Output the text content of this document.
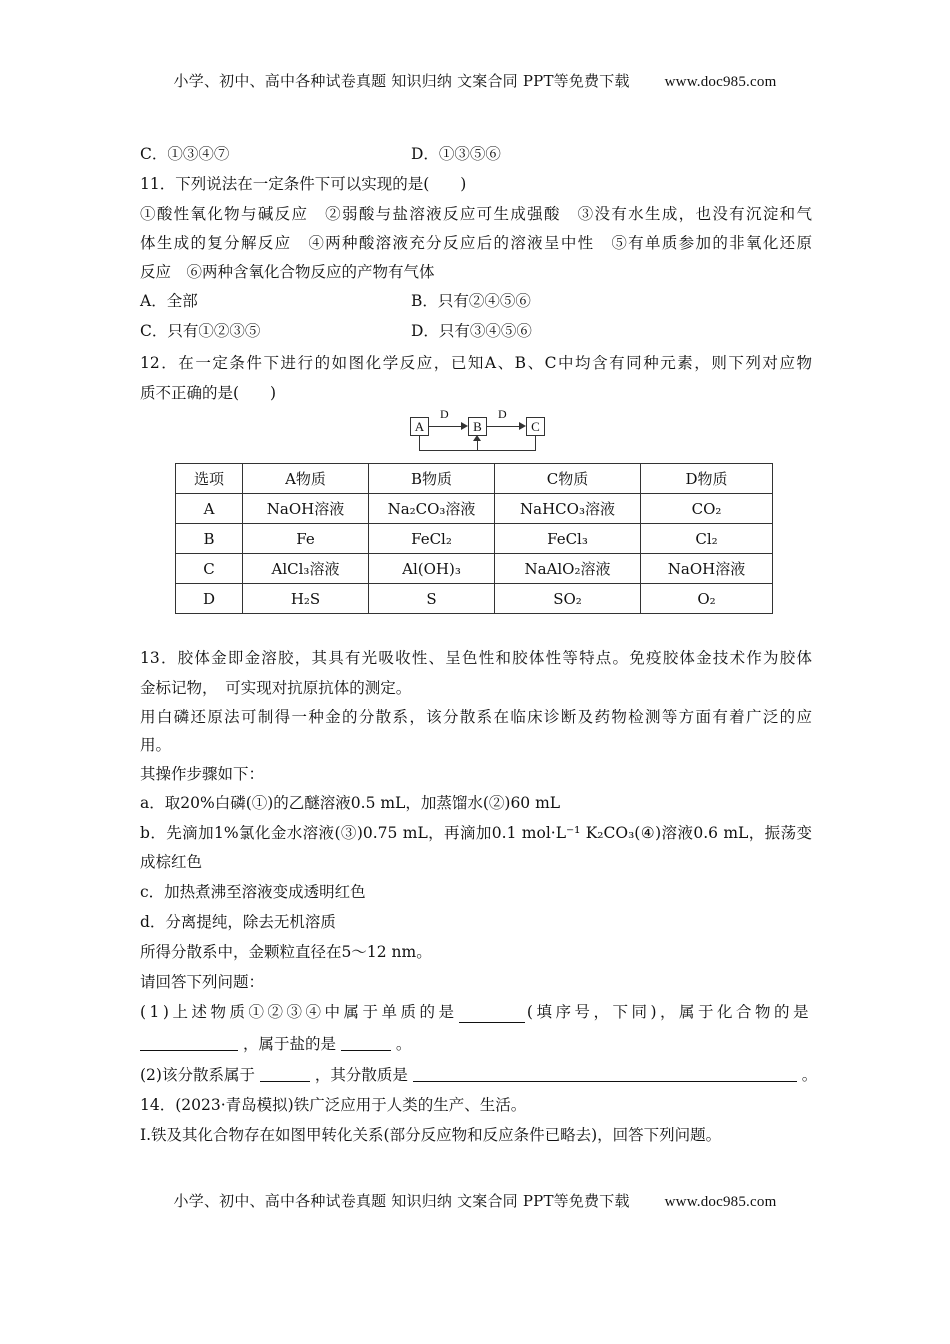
小学、初中、高中各种试卷真题 知识归纳 文案合同 PPT等免费下载 www.doc985.com
C．①③④⑦	D．①③⑤⑥
11．下列说法在一定条件下可以实现的是(　　)
①酸性氧化物与碱反应　②弱酸与盐溶液反应可生成强酸　③没有水生成，也没有沉淀和气
体生成的复分解反应　④两种酸溶液充分反应后的溶液呈中性　⑤有单质参加的非氧化还原
反应　⑥两种含氧化合物反应的产物有气体
A．全部	B．只有②④⑤⑥
C．只有①②③⑤	D．只有③④⑤⑥
12．在一定条件下进行的如图化学反应，已知A、B、C中均含有同种元素，则下列对应物
质不正确的是(　　)
A
D
B
D
C
选项	A物质	B物质	C物质	D物质
A	NaOH溶液	Na₂CO₃溶液	NaHCO₃溶液	CO₂
B	Fe	FeCl₂	FeCl₃	Cl₂
C	AlCl₃溶液	Al(OH)₃	NaAlO₂溶液	NaOH溶液
D	H₂S	S	SO₂	O₂
13．胶体金即金溶胶，其具有光吸收性、呈色性和胶体性等特点。免疫胶体金技术作为胶体
金标记物，　可实现对抗原抗体的测定。
用白磷还原法可制得一种金的分散系，该分散系在临床诊断及药物检测等方面有着广泛的应
用。
其操作步骤如下：
a．取20%白磷(①)的乙醚溶液0.5 mL，加蒸馏水(②)60 mL
b．先滴加1%氯化金水溶液(③)0.75 mL，再滴加0.1 mol·L⁻¹ K₂CO₃(④)溶液0.6 mL，振荡变
成棕红色
c．加热煮沸至溶液变成透明红色
d．分离提纯，除去无机溶质
所得分散系中，金颗粒直径在5～12 nm。
请回答下列问题：
(1)上述物质①②③④中属于单质的是	(填序号，下同)，属于化合物的是
，属于盐的是	。
(2)该分散系属于	，其分散质是	。
14．(2023·青岛模拟)铁广泛应用于人类的生产、生活。
Ⅰ.铁及其化合物存在如图甲转化关系(部分反应物和反应条件已略去)，回答下列问题。
小学、初中、高中各种试卷真题 知识归纳 文案合同 PPT等免费下载 www.doc985.com
